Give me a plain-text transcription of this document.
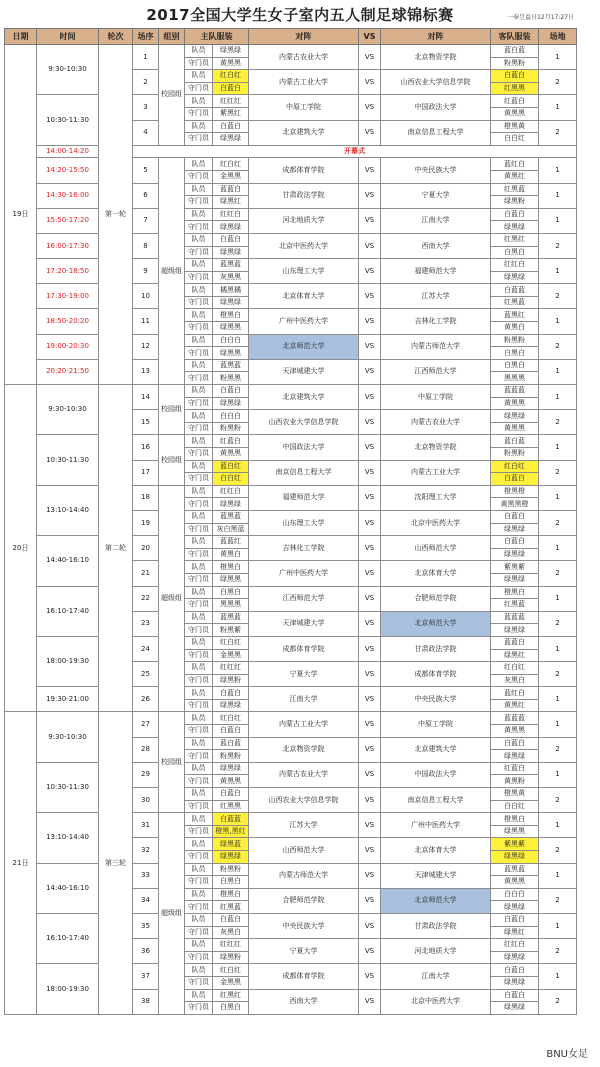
2017全国大学生女子室内五人制足球锦标赛	一奉昱益日12月17:27日
日期	时间	轮次	场序	组别	主队服装		对阵	VS	对阵	客队服装	场地	
19日	9:30-10:30	第一轮	1	校园组	队员	绿黑绿	内蒙古农业大学	VS	北京物资学院	蓝白蓝	1	
					守门员	黄黑黑				粉黑粉		
			2		队员	红白红	内蒙古工业大学	VS	山西农业大学信息学院	白蓝白	2	
					守门员	白蓝白				红黑黑		
	10:30-11:30		3		队员	红红红	中原工学院	VS	中国政法大学	红蓝白	1	
					守门员	紫黑红				黄黑黑		
			4		队员	白蓝白	北京建筑大学	VS	南京信息工程大学	橙黑黄	2	
					守门员	绿黑绿				白白红		
	14:00-14:20		开幕式	
	14:20-15:50		5	超级组	队员	红白红	成都体育学院	VS	中央民族大学	蓝红白	1	
					守门员	金黑黑				黄黑红		
	14:30-16:00		6		队员	蓝蓝白	甘肃政法学院	VS	宁夏大学	红黑蓝	1	
					守门员	绿黑红				绿黑粉		
	15:50-17:20		7		队员	红红白	河北地质大学	VS	江南大学	白蓝白	1	
					守门员	绿黑绿				绿黑绿		
	16:00-17:30		8		队员	白蓝白	北京中医药大学	VS	西南大学	红黑红	2	
					守门员	绿黑绿				白黑白		
	17:20-18:50		9		队员	蓝黑蓝	山东理工大学	VS	福建师范大学	红红白	1	
					守门员	灰黑黑				绿黑绿		
	17:30-19:00		10		队员	橘黑橘	北京体育大学	VS	江苏大学	白蓝蓝	2	
					守门员	绿黑绿				红黑蓝		
	18:50-20:20		11		队员	橙黑白	广州中医药大学	VS	吉林化工学院	蓝黑红	1	
					守门员	绿黑黑				黄黑白		
	19:00-20:30		12		队员	白白白	北京师范大学	VS	内蒙古师范大学	粉黑粉	2	
					守门员	绿黑黑				白黑白		
	20:20-21:50		13		队员	蓝黑蓝	天津城建大学	VS	江西师范大学	白黑白	1	
					守门员	粉黑黑				黑黑黑		
20日	9:30-10:30	第二轮	14	校园组	队员	白蓝白	北京建筑大学	VS	中原工学院	蓝蓝蓝	1	
					守门员	绿黑绿				黄黑黑		
			15		队员	白白白	山西农业大学信息学院	VS	内蒙古农业大学	绿黑绿	2	
					守门员	粉黑粉				黄黑黑		
	10:30-11:30		16	校园组	队员	红蓝白	中国政法大学	VS	北京物资学院	蓝白蓝	1	
					守门员	黄黑黑				粉黑粉		
			17		队员	蓝白红	南京信息工程大学	VS	内蒙古工业大学	红白红	2	
					守门员	白白红				白蓝白		
	13:10-14:40		18	超级组	队员	红红白	福建师范大学	VS	沈阳理工大学	橙黑橙	1	
					守门员	绿黑绿				黄黑黑橙		
			19		队员	蓝黑蓝	山东理工大学	VS	北京中医药大学	白蓝白	2	
					守门员	灰白黑蓝				绿黑绿		
	14:40-16:10		20		队员	蓝蓝红	吉林化工学院	VS	山西师范大学	白蓝白	1	
					守门员	黄黑白				绿黑绿		
			21		队员	橙黑白	广州中医药大学	VS	北京体育大学	紫黑紫	2	
					守门员	绿黑黑				绿黑绿		
	16:10-17:40		22		队员	白黑白	江西师范大学	VS	合肥师范学院	橙黑白	1	
					守门员	黑黑黑				红黑蓝		
			23		队员	蓝黑蓝	天津城建大学	VS	北京师范大学	蓝蓝蓝	2	
					守门员	粉黑紫				绿黑绿		
	18:00-19:30		24		队员	红白红	成都体育学院	VS	甘肃政法学院	蓝蓝白	1	
					守门员	金黑黑				绿黑红		
			25		队员	红红红	宁夏大学	VS	成都体育学院	红白红	2	
					守门员	绿黑粉				灰黑白		
	19:30-21:00		26		队员	白蓝白	江南大学	VS	中央民族大学	蓝红白	1	
					守门员	绿黑绿				黄黑红		
21日	9:30-10:30	第三轮	27	校园组	队员	红白红	内蒙古工业大学	VS	中原工学院	蓝蓝蓝	1	
					守门员	白蓝白				黄黑黑		
			28		队员	蓝白蓝	北京物资学院	VS	北京建筑大学	白蓝白	2	
					守门员	粉黑粉				绿黑绿		
	10:30-11:30		29		队员	绿黑绿	内蒙古农业大学	VS	中国政法大学	红蓝白	1	
					守门员	黄黑黑				黄黑粉		
			30		队员	白蓝白	山西农业大学信息学院	VS	南京信息工程大学	橙黑黄	2	
					守门员	红黑黑				白白红		
	13:10-14:40		31	超级组	队员	白蓝蓝	江苏大学	VS	广州中医药大学	橙黑白	1	
					守门员	橙黑,黑红				绿黑黑		
			32		队员	绿黑蓝	山西师范大学	VS	北京体育大学	紫黑紫	2	
					守门员	绿黑绿				绿黑绿		
	14:40-16:10		33		队员	粉黑粉	内蒙古师范大学	VS	天津城建大学	蓝黑蓝	1	
					守门员	白黑白				黄黑黑		
			34		队员	橙黑白	合肥师范学院	VS	北京师范大学	白白白	2	
					守门员	红黑蓝				绿黑绿		
	16:10-17:40		35		队员	白蓝白	中央民族大学	VS	甘肃政法学院	白蓝白	1	
					守门员	灰黑白				绿黑红		
			36		队员	红红红	宁夏大学	VS	河北地质大学	红红白	2	
					守门员	绿黑粉				绿黑绿		
	18:00-19:30		37		队员	红白红	成都体育学院	VS	江南大学	白蓝白	1	
					守门员	金黑黑				绿黑绿		
			38		队员	红黑红	西南大学	VS	北京中医药大学	白蓝白	2	
					守门员	白黑白				绿黑绿		
BNU女足
